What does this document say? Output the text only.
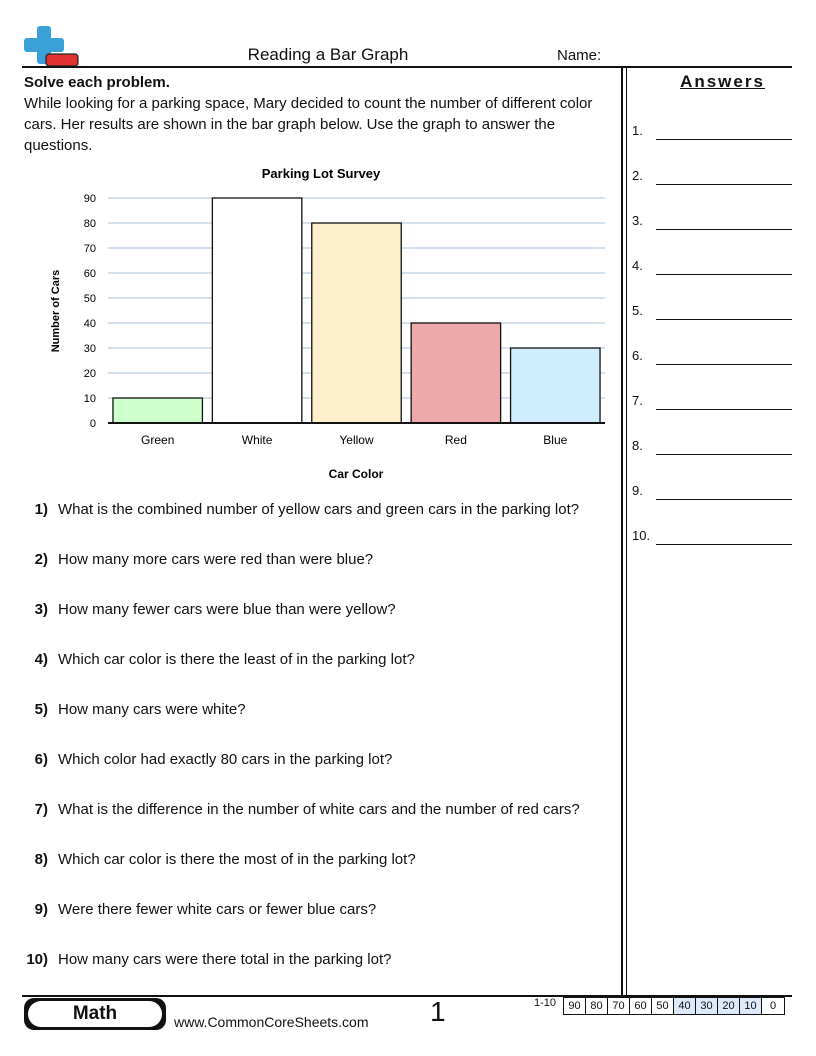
Reading a Bar Graph	Name:
Solve each problem.
While looking for a parking space, Mary decided to count the number of different color cars. Her results are shown in the bar graph below. Use the graph to answer the questions.
Parking Lot Survey
Number of Cars
Car Color
0
10
20
30
40
50
60
70
80
90
Green	White	Yellow	Red	Blue
Answers
1.
2.
3.
4.
5.
6.
7.
8.
9.
10.
1) What is the combined number of yellow cars and green cars in the parking lot?
2) How many more cars were red than were blue?
3) How many fewer cars were blue than were yellow?
4) Which car color is there the least of in the parking lot?
5) How many cars were white?
6) Which color had exactly 80 cars in the parking lot?
7) What is the difference in the number of white cars and the number of red cars?
8) Which car color is there the most of in the parking lot?
9) Were there fewer white cars or fewer blue cars?
10) How many cars were there total in the parking lot?
Math	www.CommonCoreSheets.com 1	1-10	90 80 70 60 50 40 30 20 10	0
